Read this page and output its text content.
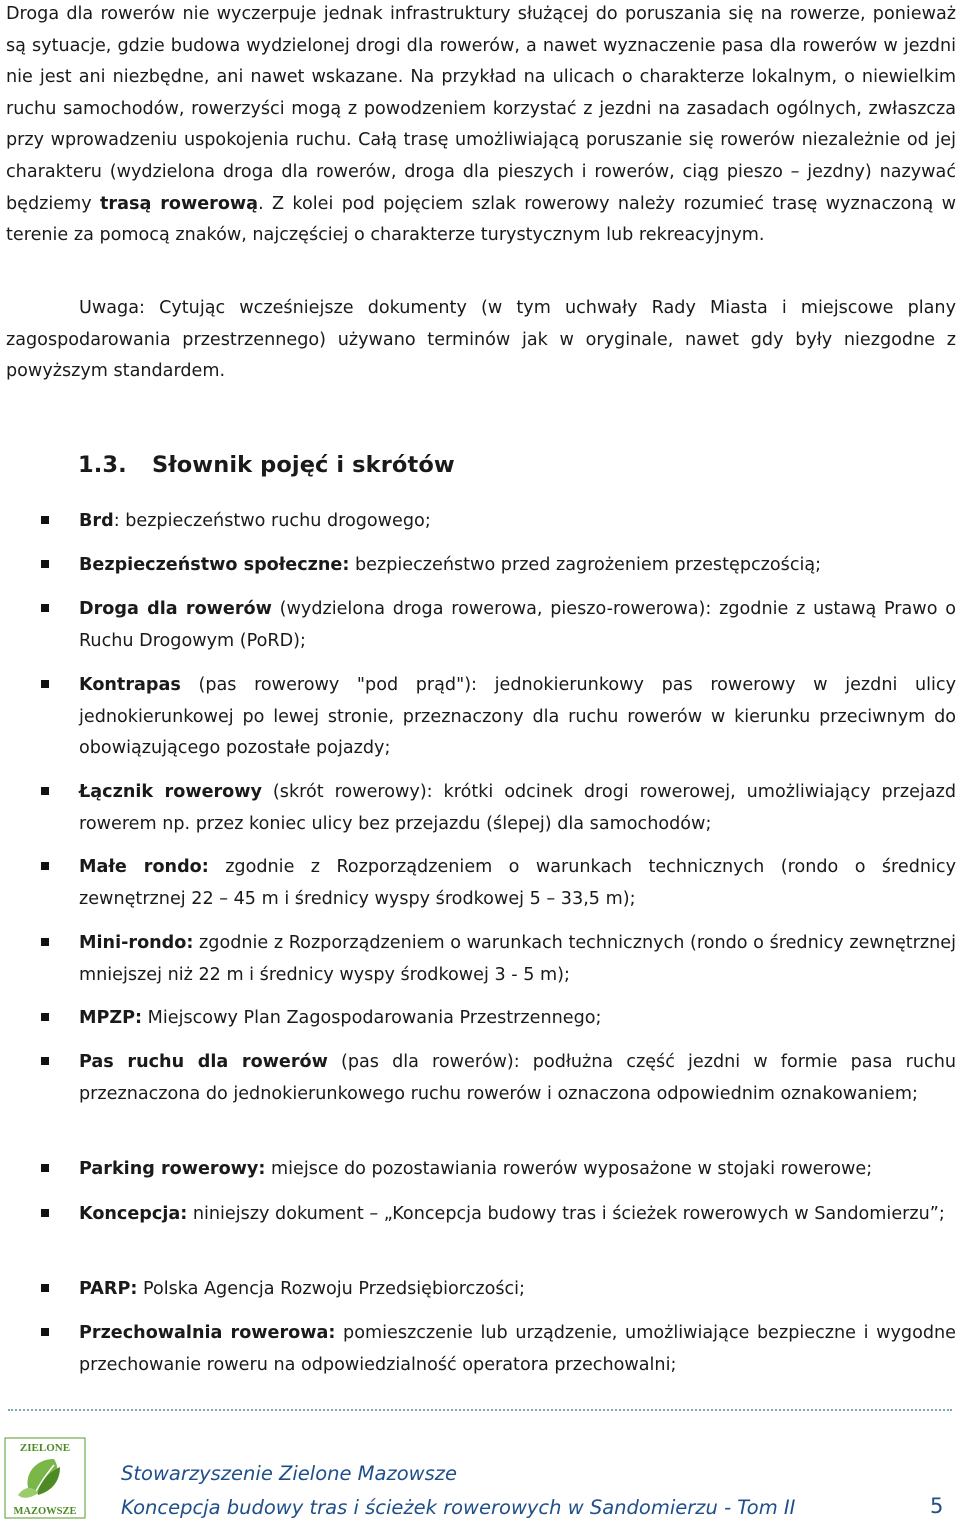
Droga dla rowerów nie wyczerpuje jednak infrastruktury służącej do poruszania się na rowerze, ponieważ są sytuacje, gdzie budowa wydzielonej drogi dla rowerów, a nawet wyznaczenie pasa dla rowerów w jezdni nie jest ani niezbędne, ani nawet wskazane. Na przykład na ulicach o charakterze lokalnym, o niewielkim ruchu samochodów, rowerzyści mogą z powodzeniem korzystać z jezdni na zasadach ogólnych, zwłaszcza przy wprowadzeniu uspokojenia ruchu. Całą trasę umożliwiającą poruszanie się rowerów niezależnie od jej charakteru (wydzielona droga dla rowerów, droga dla pieszych i rowerów, ciąg pieszo – jezdny) nazywać będziemy trasą rowerową. Z kolei pod pojęciem szlak rowerowy należy rozumieć trasę wyznaczoną w terenie za pomocą znaków, najczęściej o charakterze turystycznym lub rekreacyjnym.

Uwaga: Cytując wcześniejsze dokumenty (w tym uchwały Rady Miasta i miejscowe plany zagospodarowania przestrzennego) używano terminów jak w oryginale, nawet gdy były niezgodne z powyższym standardem.

1.3. Słownik pojęć i skrótów
Brd: bezpieczeństwo ruchu drogowego;
Bezpieczeństwo społeczne: bezpieczeństwo przed zagrożeniem przestępczością;
Droga dla rowerów (wydzielona droga rowerowa, pieszo-rowerowa): zgodnie z ustawą Prawo o Ruchu Drogowym (PoRD);
Kontrapas (pas rowerowy "pod prąd"): jednokierunkowy pas rowerowy w jezdni ulicy jednokierunkowej po lewej stronie, przeznaczony dla ruchu rowerów w kierunku przeciwnym do obowiązującego pozostałe pojazdy;
Łącznik rowerowy (skrót rowerowy): krótki odcinek drogi rowerowej, umożliwiający przejazd rowerem np. przez koniec ulicy bez przejazdu (ślepej) dla samochodów;
Małe rondo: zgodnie z Rozporządzeniem o warunkach technicznych (rondo o średnicy zewnętrznej 22 – 45 m i średnicy wyspy środkowej 5 – 33,5 m);
Mini-rondo: zgodnie z Rozporządzeniem o warunkach technicznych (rondo o średnicy zewnętrznej mniejszej niż 22 m i średnicy wyspy środkowej 3 - 5 m);
MPZP: Miejscowy Plan Zagospodarowania Przestrzennego;
Pas ruchu dla rowerów (pas dla rowerów): podłużna część jezdni w formie pasa ruchu przeznaczona do jednokierunkowego ruchu rowerów i oznaczona odpowiednim oznakowaniem;
Parking rowerowy: miejsce do pozostawiania rowerów wyposażone w stojaki rowerowe;
Koncepcja: niniejszy dokument – „Koncepcja budowy tras i ścieżek rowerowych w Sandomierzu”;
PARP: Polska Agencja Rozwoju Przedsiębiorczości;
Przechowalnia rowerowa: pomieszczenie lub urządzenie, umożliwiające bezpieczne i wygodne przechowanie roweru na odpowiedzialność operatora przechowalni;
ZIELONE
MAZOWSZE
Stowarzyszenie Zielone Mazowsze
Koncepcja budowy tras i ścieżek rowerowych w Sandomierzu - Tom II	5
